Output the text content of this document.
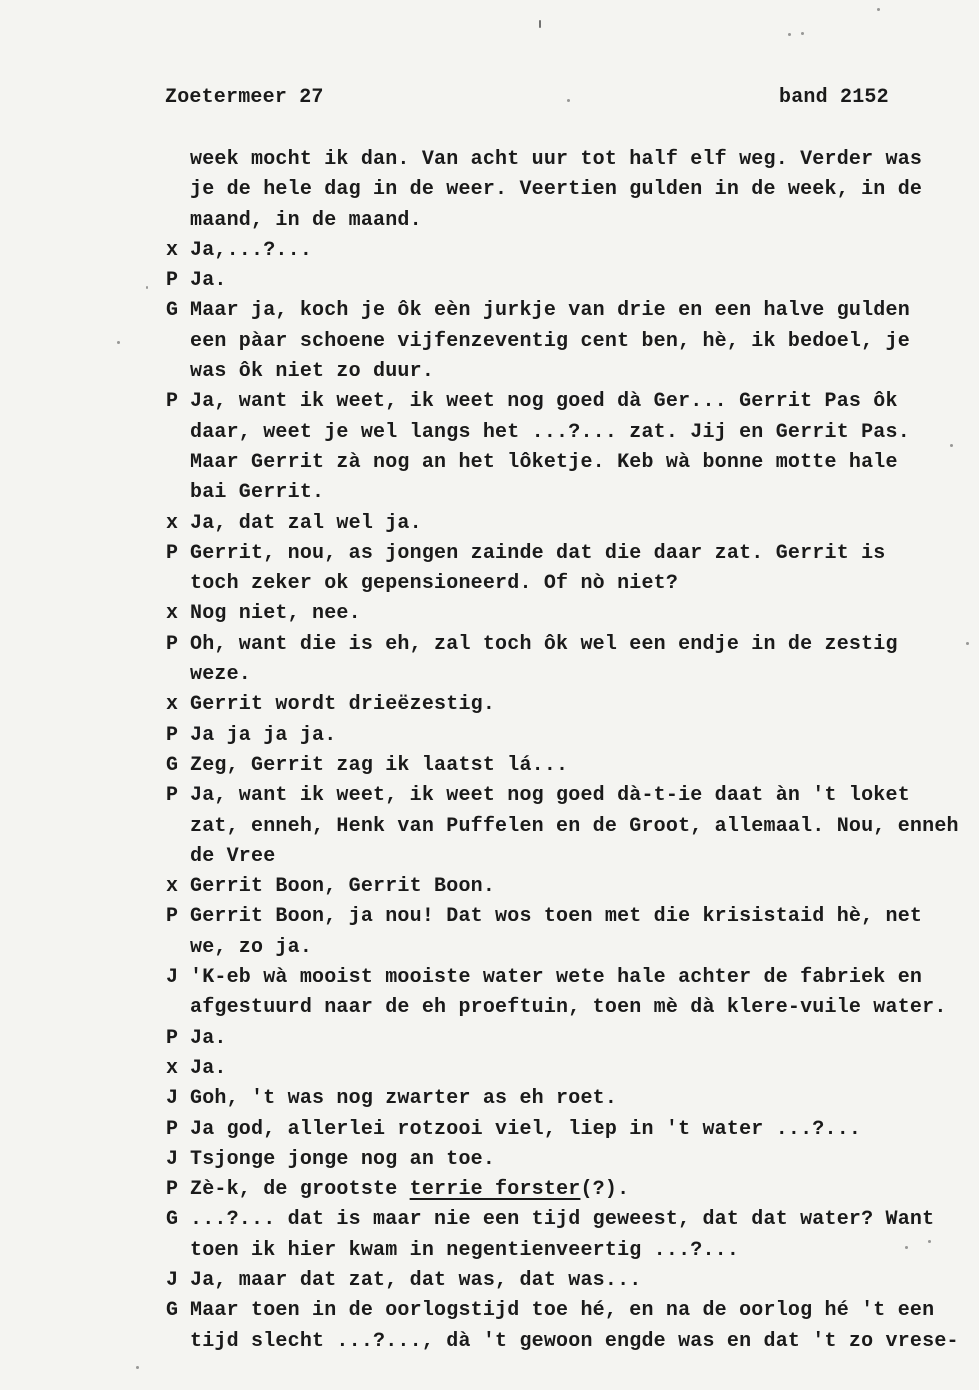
Zoetermeer 27

	band 2152

week mocht ik dan. Van acht uur tot half elf weg. Verder was
je de hele dag in de weer. Veertien gulden in de week, in de
maand, in de maand.
x Ja,...?...
P Ja.
G Maar ja, koch je ôk eèn jurkje van drie en een halve gulden
een pàar schoene vijfenzeventig cent ben, hè, ik bedoel, je
was ôk niet zo duur.
P Ja, want ik weet, ik weet nog goed dà Ger... Gerrit Pas ôk
daar, weet je wel langs het ...?... zat. Jij en Gerrit Pas.
Maar Gerrit zà nog an het lôketje. Keb wà bonne motte hale
bai Gerrit.
x Ja, dat zal wel ja.
P Gerrit, nou, as jongen zainde dat die daar zat. Gerrit is
toch zeker ok gepensioneerd. Of nò niet?
x Nog niet, nee.
P Oh, want die is eh, zal toch ôk wel een endje in de zestig
weze.
x Gerrit wordt drieëzestig.
P Ja ja ja ja.
G Zeg, Gerrit zag ik laatst lá...
P Ja, want ik weet, ik weet nog goed dà-t-ie daat àn 't loket
zat, enneh, Henk van Puffelen en de Groot, allemaal. Nou, enneh
de Vree
x Gerrit Boon, Gerrit Boon.
P Gerrit Boon, ja nou! Dat wos toen met die krisistaid hè, net
we, zo ja.
J 'K-eb wà mooist mooiste water wete hale achter de fabriek en
afgestuurd naar de eh proeftuin, toen mè dà klere-vuile water.
P Ja.
x Ja.
J Goh, 't was nog zwarter as eh roet.
P Ja god, allerlei rotzooi viel, liep in 't water ...?...
J Tsjonge jonge nog an toe.
P Zè-k, de grootste terrie forster(?).
G ...?... dat is maar nie een tijd geweest, dat dat water? Want
toen ik hier kwam in negentienveertig ...?...
J Ja, maar dat zat, dat was, dat was...
G Maar toen in de oorlogstijd toe hé, en na de oorlog hé 't een
tijd slecht ...?..., dà 't gewoon engde was en dat 't zo vrese-
